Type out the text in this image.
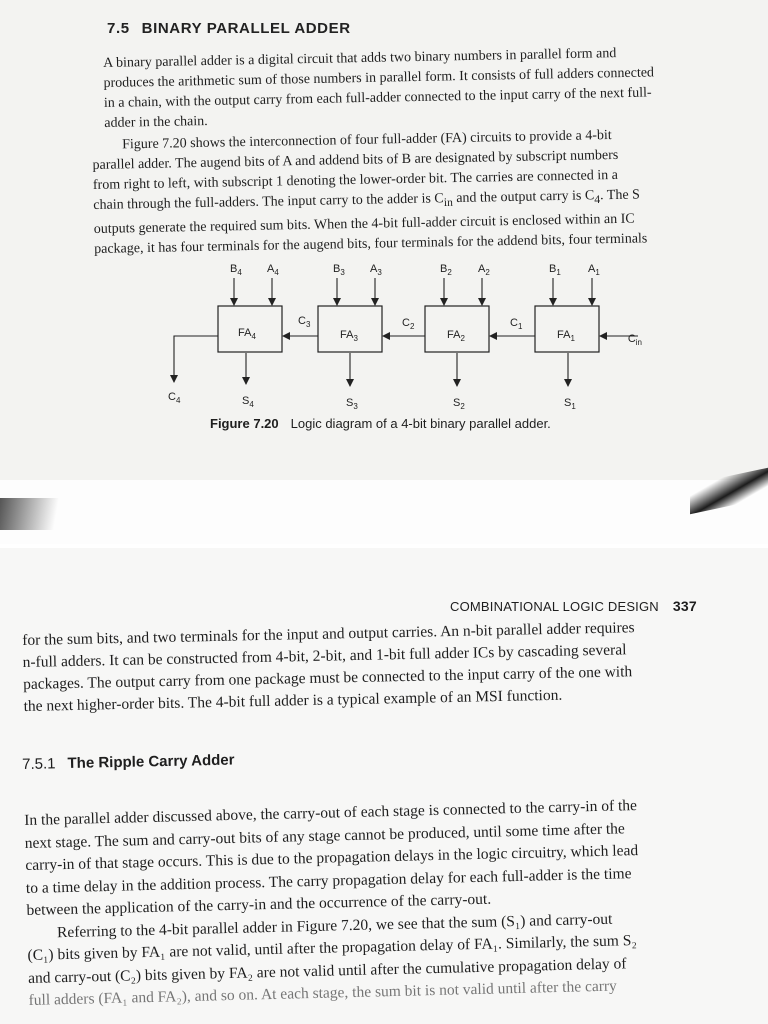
7.5 BINARY PARALLEL ADDER
A binary parallel adder is a digital circuit that adds two binary numbers in parallel form and
produces the arithmetic sum of those numbers in parallel form. It consists of full adders connected
in a chain, with the output carry from each full-adder connected to the input carry of the next full-
adder in the chain.
Figure 7.20 shows the interconnection of four full-adder (FA) circuits to provide a 4-bit
parallel adder. The augend bits of A and addend bits of B are designated by subscript numbers
from right to left, with subscript 1 denoting the lower-order bit. The carries are connected in a
chain through the full-adders. The input carry to the adder is $C_{in}$ and the output carry is $C_4$. The S
outputs generate the required sum bits. When the 4-bit full-adder circuit is enclosed within an IC
package, it has four terminals for the augend bits, four terminals for the addend bits, four terminals
$FA_4$	$FA_3$	$FA_2$	$FA_1$
$B_4$ $A_4$	$B_3$ $A_3$	$B_2$ $A_2$	$B_1$ $A_1$
$C_3$	$C_2$	$C_1$
$C_{in}$
$C_4$	$S_4$	$S_3$	$S_2$	$S_1$
Figure 7.20 Logic diagram of a 4-bit binary parallel adder.
COMBINATIONAL LOGIC DESIGN 337
for the sum bits, and two terminals for the input and output carries. An n-bit parallel adder requires
n-full adders. It can be constructed from 4-bit, 2-bit, and 1-bit full adder ICs by cascading several
packages. The output carry from one package must be connected to the input carry of the one with
the next higher-order bits. The 4-bit full adder is a typical example of an MSI function.
7.5.1 The Ripple Carry Adder
In the parallel adder discussed above, the carry-out of each stage is connected to the carry-in of the
next stage. The sum and carry-out bits of any stage cannot be produced, until some time after the
carry-in of that stage occurs. This is due to the propagation delays in the logic circuitry, which lead
to a time delay in the addition process. The carry propagation delay for each full-adder is the time
between the application of the carry-in and the occurrence of the carry-out.
Referring to the 4-bit parallel adder in Figure 7.20, we see that the sum (S₁) and carry-out
(C₁) bits given by FA₁ are not valid, until after the propagation delay of FA₁. Similarly, the sum S₂
and carry-out (C₂) bits given by FA₂ are not valid until after the cumulative propagation delay of
full adders (FA₁ and FA₂), and so on. At each stage, the sum bit is not valid until after the carry
